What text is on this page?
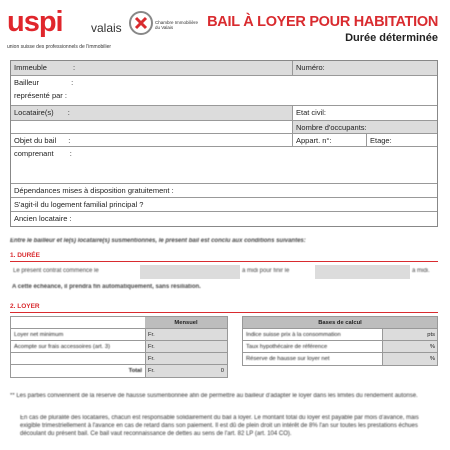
uspi valais
union suisse des professionnels de l'immobilier
Chambre Immobilière du Valais	BAIL À LOYER POUR HABITATION
Durée déterminée
Immeuble	:	Numéro:
Bailleur	:
représenté par :
Locataire(s) :	Etat civil:
Nombre d'occupants:
Objet du bail :	Appart. n°:	Etage:
comprenant :
Dépendances mises à disposition gratuitement :
S'agit-il du logement familial principal ?
Ancien locataire :
Entre le bailleur et le(s) locataire(s) susmentionnés, le présent bail est conclu aux conditions suivantes:
1. DURÉE
Le présent contrat commence le	à midi pour finir le	à midi.
A cette échéance, il prendra fin automatiquement, sans résiliation.
2. LOYER
Mensuel
Loyer net minimum	Fr.
Acompte sur frais accessoires (art. 3)	Fr.
Fr.
Total	Fr.	0
Bases de calcul
Indice suisse prix à la consommation	pts
Taux hypothécaire de référence	%
Réserve de hausse sur loyer net	%
** Les parties conviennent de la réserve de hausse susmentionnée afin de permettre au bailleur d'adapter le loyer dans les limites du rendement autorisé.
En cas de pluralité des locataires, chacun est responsable solidairement du bail à loyer. Le montant total du loyer est payable par mois d'avance, mais exigible trimestriellement à l'avance en cas de retard dans son paiement. Il est dû de plein droit un intérêt de 8% l'an sur toutes les prestations échues découlant du présent bail. Ce bail vaut reconnaissance de dettes au sens de l'art. 82 LP (art. 104 CO).
